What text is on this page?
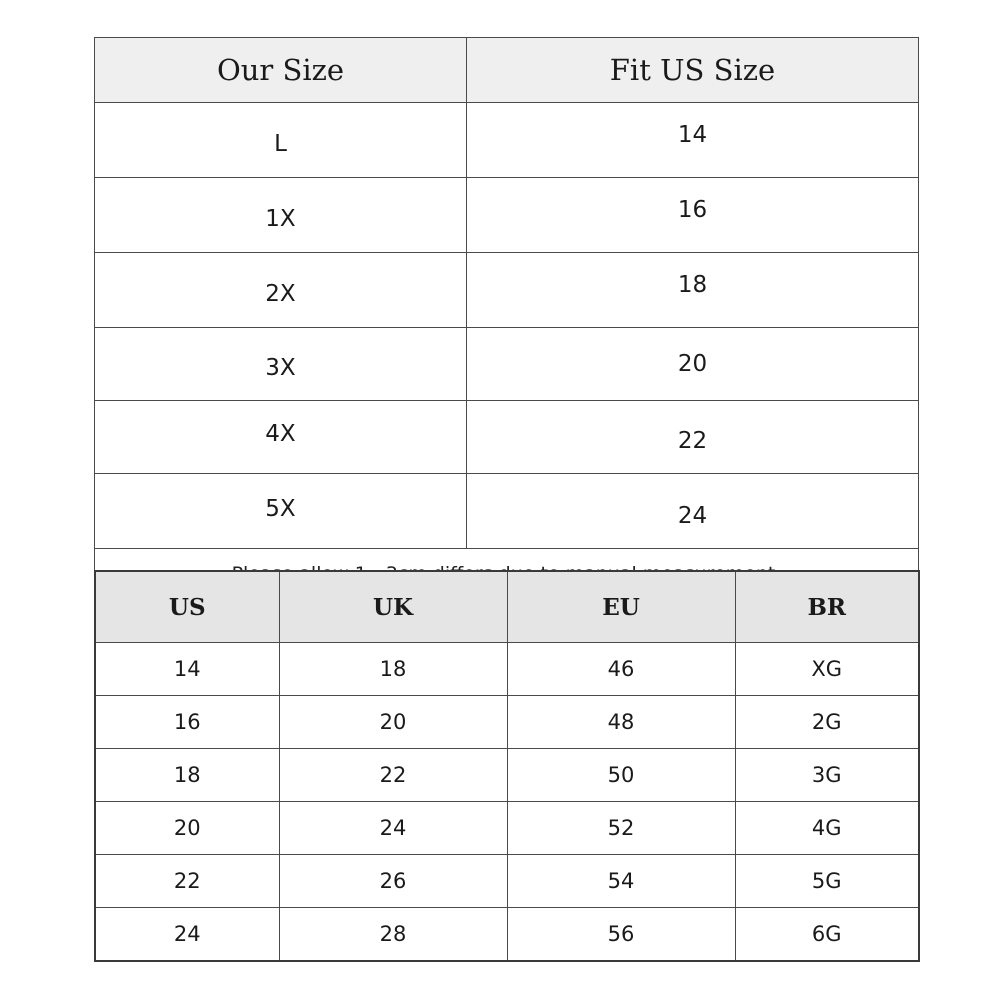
Our Size	Fit US Size
L	14
1X	16
2X	18
3X	20
4X	22
5X	24

US	UK	EU	BR
14	18	46	XG
16	20	48	2G
18	22	50	3G
20	24	52	4G
22	26	54	5G
24	28	56	6G
